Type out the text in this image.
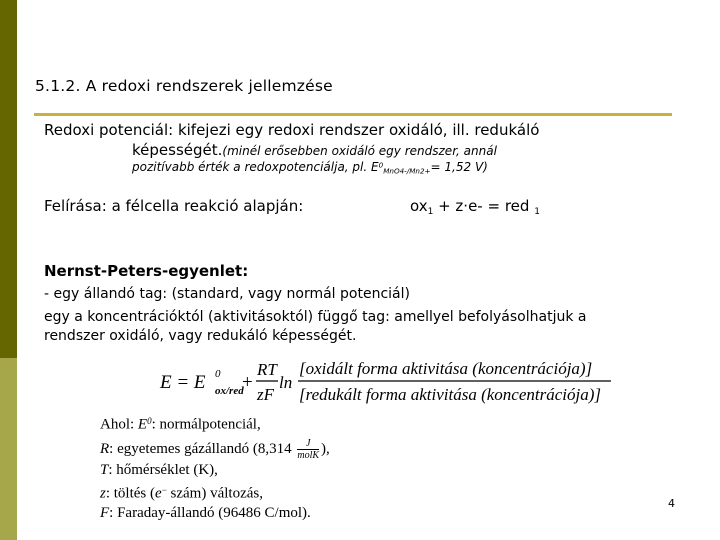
5.1.2. A redoxi rendszerek jellemzése
Redoxi potenciál: kifejezi egy redoxi rendszer oxidáló, ill. redukáló
képességét.(minél erősebben oxidáló egy rendszer, annál
pozitívabb érték a redoxpotenciálja, pl. $E^0_{MnO4-/Mn2+}= 1,52$ V)
Felírása: a félcella reakció alapján:	$ox_1 + z\cdot e-$ = red $_1$
Nernst-Peters-egyenlet:
- egy állandó tag: (standard, vagy normál potenciál)
egy a koncentrációktól (aktivitásoktól) függő tag: amellyel befolyásolhatjuk a
rendszer oxidáló, vagy redukáló képességét.
E = E 0
ox/red
+
RT
zF
ln
[oxidált forma aktivitása (koncentrációja)]
[redukált forma aktivitása (koncentrációja)]
Ahol: $E^0$: normálpotenciál,
R: egyetemes gázállandó ($8,314 \frac{J}{\text{molK}}$ ),
T: hőmérséklet (K),
z: töltés (e− szám) változás,
F: Faraday-állandó (96486 C/mol).
4
